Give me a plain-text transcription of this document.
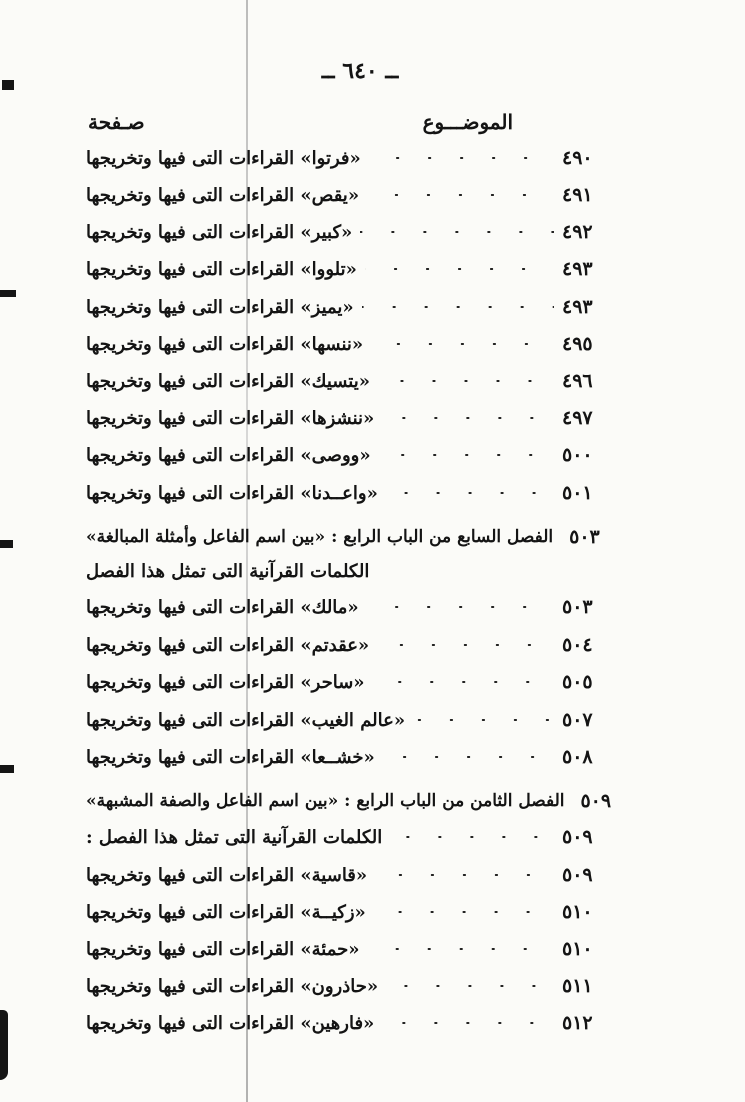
ــ ٦٤٠ ــ
الموضـــوع
صـفحة
«فرتوا» القراءات التى فيها وتخريجها	٤٩٠
«يقص» القراءات التى فيها وتخريجها	٤٩١
«كبير» القراءات التى فيها وتخريجها	٤٩٢
«تلووا» القراءات التى فيها وتخريجها	٤٩٣
«يميز» القراءات التى فيها وتخريجها	٤٩٣
«ننسها» القراءات التى فيها وتخريجها	٤٩٥
«يتسيك» القراءات التى فيها وتخريجها	٤٩٦
«ننشزها» القراءات التى فيها وتخريجها	٤٩٧
«ووصى» القراءات التى فيها وتخريجها	٥٠٠
«واعــدنا» القراءات التى فيها وتخريجها	٥٠١
الفصل السابع من الباب الرابع : «بين اسم الفاعل وأمثلة المبالغة» ٥٠٣
الكلمات القرآنية التى تمثل هذا الفصل
«مالك» القراءات التى فيها وتخريجها	٥٠٣
«عقدتم» القراءات التى فيها وتخريجها	٥٠٤
«ساحر» القراءات التى فيها وتخريجها	٥٠٥
«عالم الغيب» القراءات التى فيها وتخريجها	٥٠٧
«خشــعا» القراءات التى فيها وتخريجها	٥٠٨
الفصل الثامن من الباب الرابع : «بين اسم الفاعل والصفة المشبهة» ٥٠٩
الكلمات القرآنية التى تمثل هذا الفصل :	٥٠٩
«قاسية» القراءات التى فيها وتخريجها	٥٠٩
«زكيــة» القراءات التى فيها وتخريجها	٥١٠
«حمئة» القراءات التى فيها وتخريجها	٥١٠
«حاذرون» القراءات التى فيها وتخريجها	٥١١
«فارهين» القراءات التى فيها وتخريجها	٥١٢
